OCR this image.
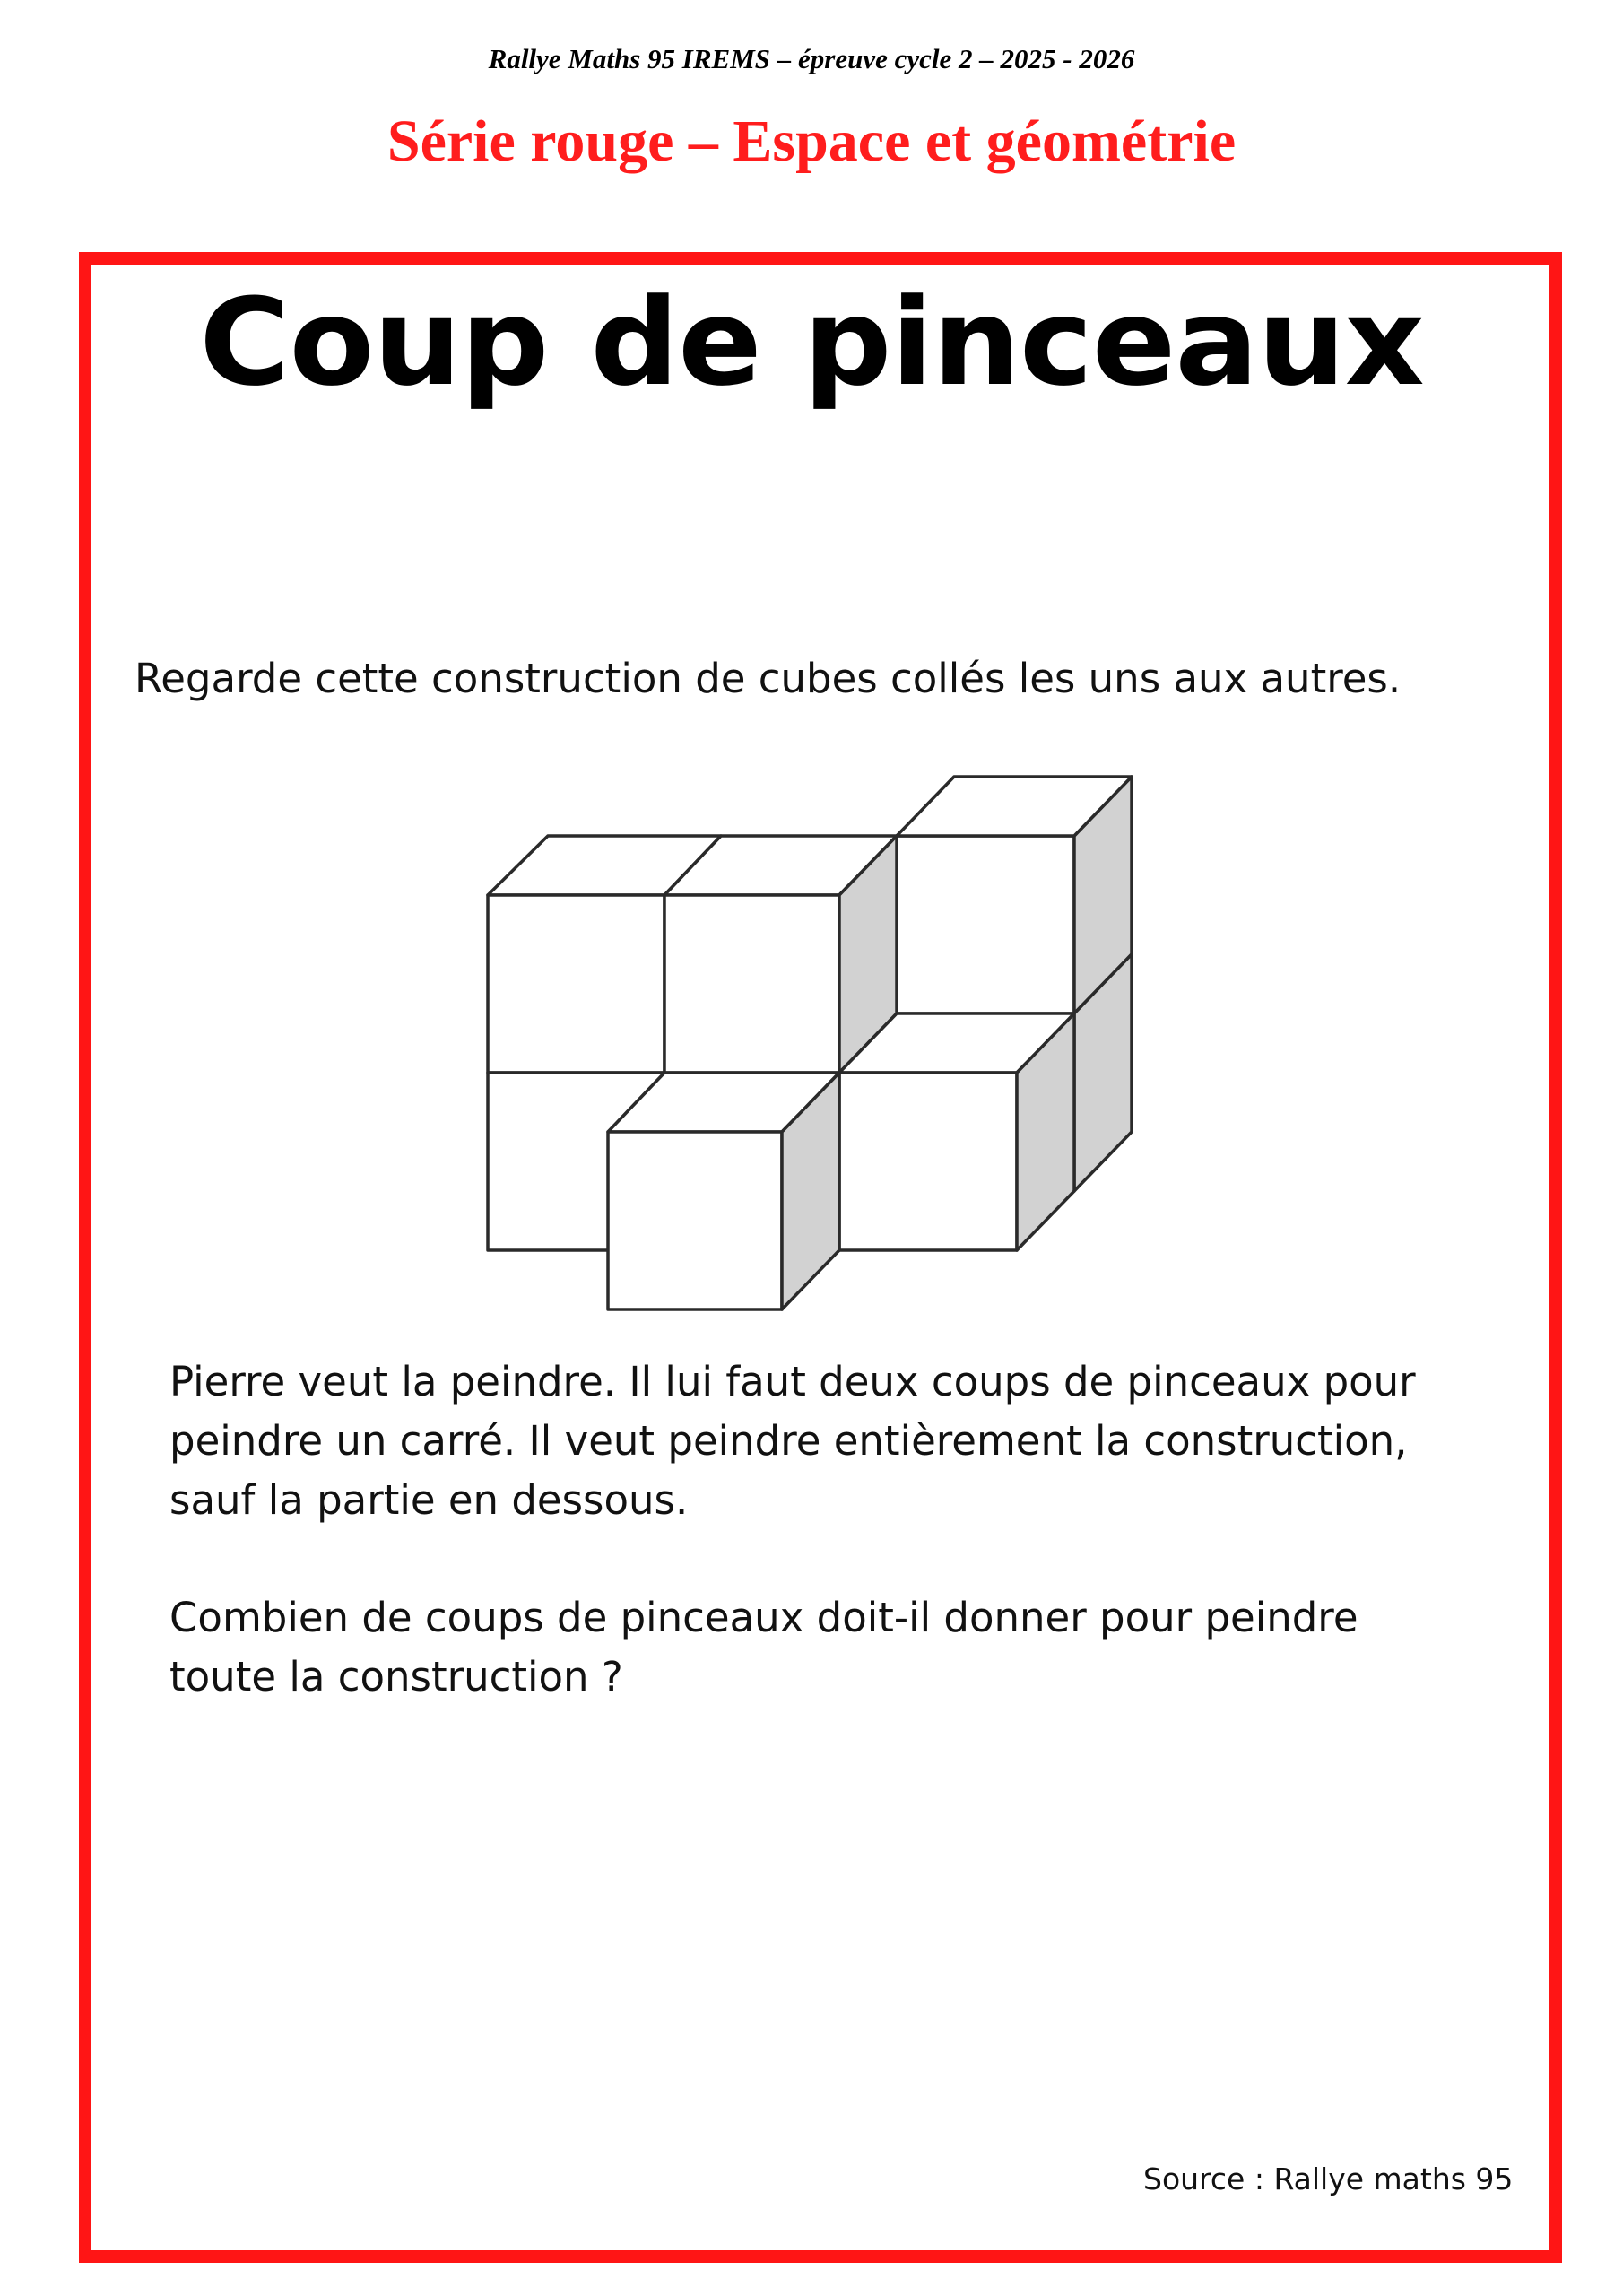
Rallye Maths 95 IREMS – épreuve cycle 2 – 2025 - 2026
Série rouge – Espace et géométrie
Coup de pinceaux
Regarde cette construction de cubes collés les uns aux autres.
Pierre veut la peindre. Il lui faut deux coups de pinceaux pour
peindre un carré. Il veut peindre entièrement la construction,
sauf la partie en dessous.
Combien de coups de pinceaux doit-il donner pour peindre
toute la construction ?
Source : Rallye maths 95
